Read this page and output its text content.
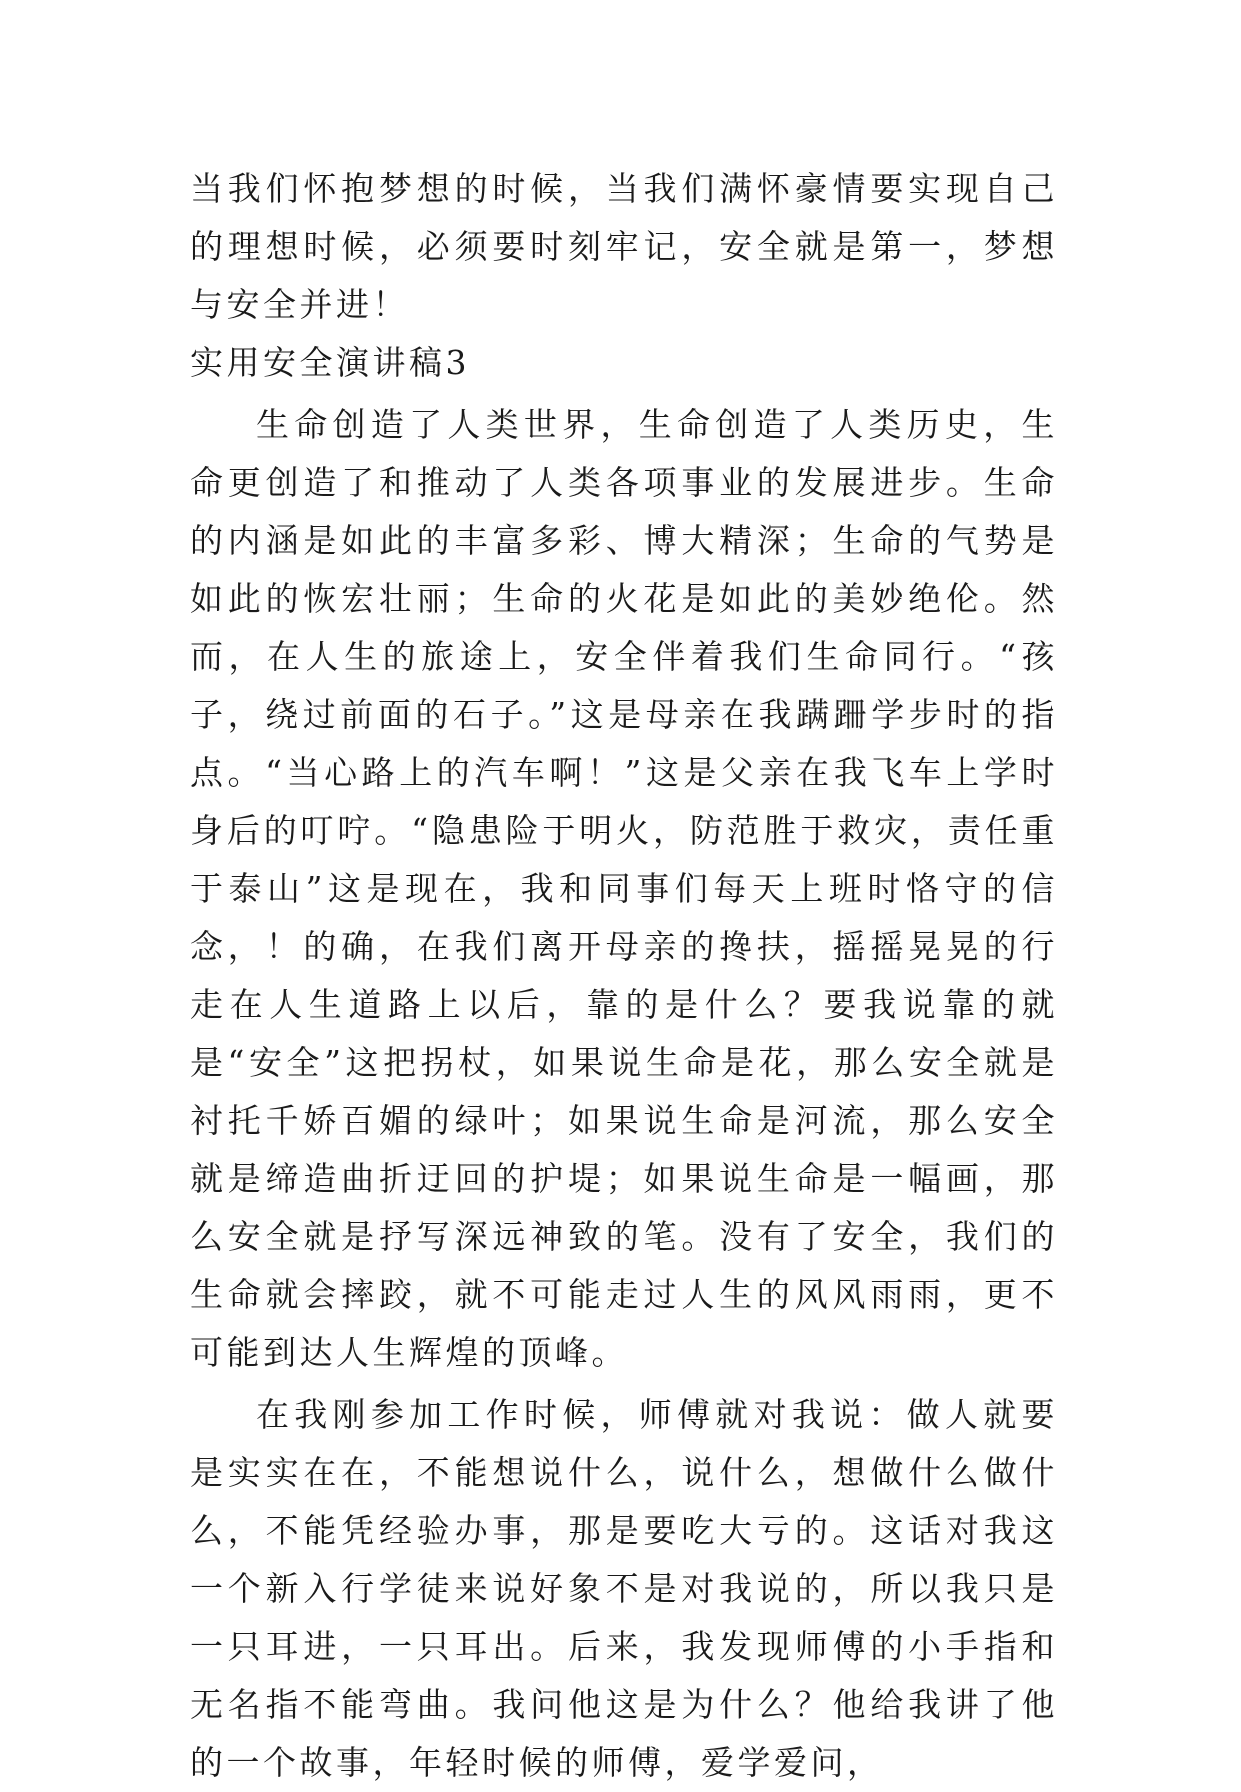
当我们怀抱梦想的时候，当我们满怀豪情要实现自己的理想时候，必须要时刻牢记，安全就是第一，梦想与安全并进！

实用安全演讲稿3

生命创造了人类世界，生命创造了人类历史，生命更创造了和推动了人类各项事业的发展进步。生命的内涵是如此的丰富多彩、博大精深；生命的气势是如此的恢宏壮丽；生命的火花是如此的美妙绝伦。然而，在人生的旅途上，安全伴着我们生命同行。“孩子，绕过前面的石子。”这是母亲在我蹒跚学步时的指点。“当心路上的汽车啊！”这是父亲在我飞车上学时身后的叮咛。“隐患险于明火，防范胜于救灾，责任重于泰山”这是现在，我和同事们每天上班时恪守的信念，！的确，在我们离开母亲的搀扶，摇摇晃晃的行走在人生道路上以后，靠的是什么？要我说靠的就是“安全”这把拐杖，如果说生命是花，那么安全就是衬托千娇百媚的绿叶；如果说生命是河流，那么安全就是缔造曲折迂回的护堤；如果说生命是一幅画，那么安全就是抒写深远神致的笔。没有了安全，我们的生命就会摔跤，就不可能走过人生的风风雨雨，更不可能到达人生辉煌的顶峰。

在我刚参加工作时候，师傅就对我说：做人就要是实实在在，不能想说什么，说什么，想做什么做什么，不能凭经验办事，那是要吃大亏的。这话对我这一个新入行学徒来说好象不是对我说的，所以我只是一只耳进，一只耳出。后来，我发现师傅的小手指和无名指不能弯曲。我问他这是为什么？他给我讲了他的一个故事，年轻时候的师傅，爱学爱问，
